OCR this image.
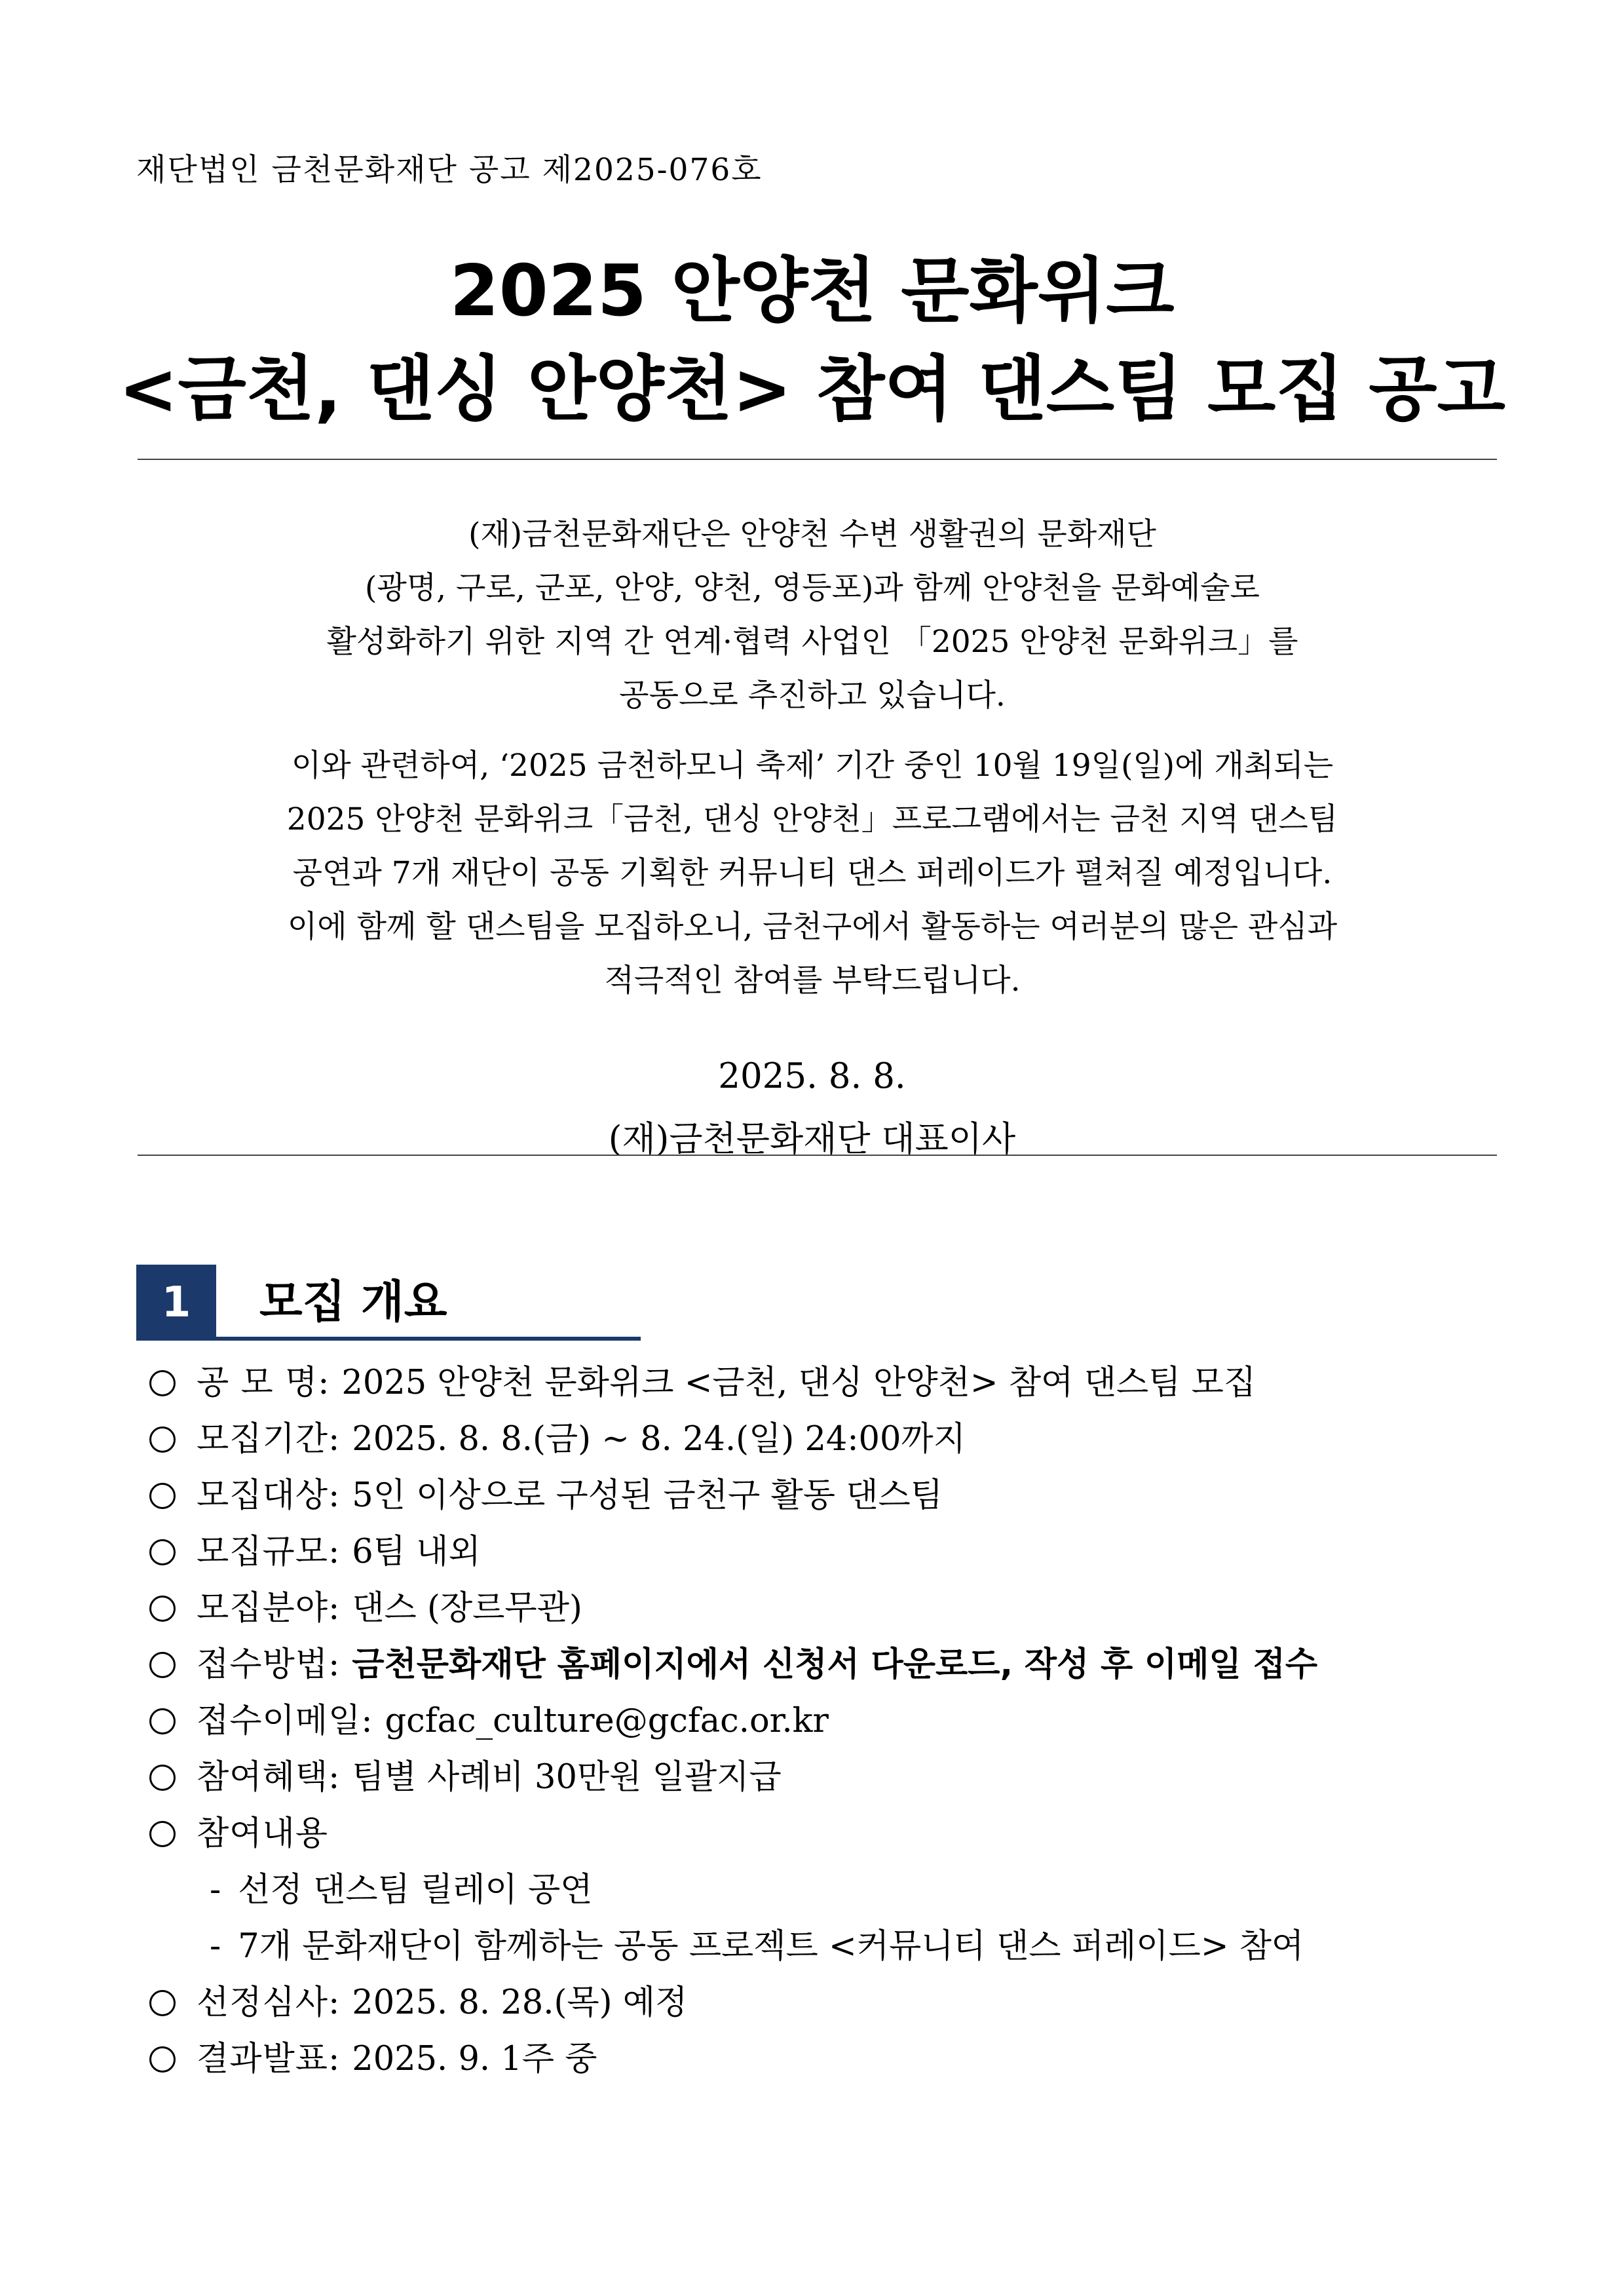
재단법인 금천문화재단 공고 제2025-076호
2025 안양천 문화위크
<금천, 댄싱 안양천> 참여 댄스팀 모집 공고
(재)금천문화재단은 안양천 수변 생활권의 문화재단
(광명, 구로, 군포, 안양, 양천, 영등포)과 함께 안양천을 문화예술로
활성화하기 위한 지역 간 연계·협력 사업인 「2025 안양천 문화위크」를
공동으로 추진하고 있습니다.
이와 관련하여, ‘2025 금천하모니 축제’ 기간 중인 10월 19일(일)에 개최되는
2025 안양천 문화위크「금천, 댄싱 안양천」프로그램에서는 금천 지역 댄스팀
공연과 7개 재단이 공동 기획한 커뮤니티 댄스 퍼레이드가 펼쳐질 예정입니다.
이에 함께 할 댄스팀을 모집하오니, 금천구에서 활동하는 여러분의 많은 관심과
적극적인 참여를 부탁드립니다.
2025. 8. 8.
(재)금천문화재단 대표이사
1	모집 개요
공 모 명: 2025 안양천 문화위크 <금천, 댄싱 안양천> 참여 댄스팀 모집
모집기간: 2025. 8. 8.(금) ~ 8. 24.(일) 24:00까지
모집대상: 5인 이상으로 구성된 금천구 활동 댄스팀
모집규모: 6팀 내외
모집분야: 댄스 (장르무관)
접수방법: 금천문화재단 홈페이지에서 신청서 다운로드, 작성 후 이메일 접수
접수이메일: gcfac_culture@gcfac.or.kr
참여혜택: 팀별 사례비 30만원 일괄지급
참여내용
- 선정 댄스팀 릴레이 공연
- 7개 문화재단이 함께하는 공동 프로젝트 <커뮤니티 댄스 퍼레이드> 참여
선정심사: 2025. 8. 28.(목) 예정
결과발표: 2025. 9. 1주 중
